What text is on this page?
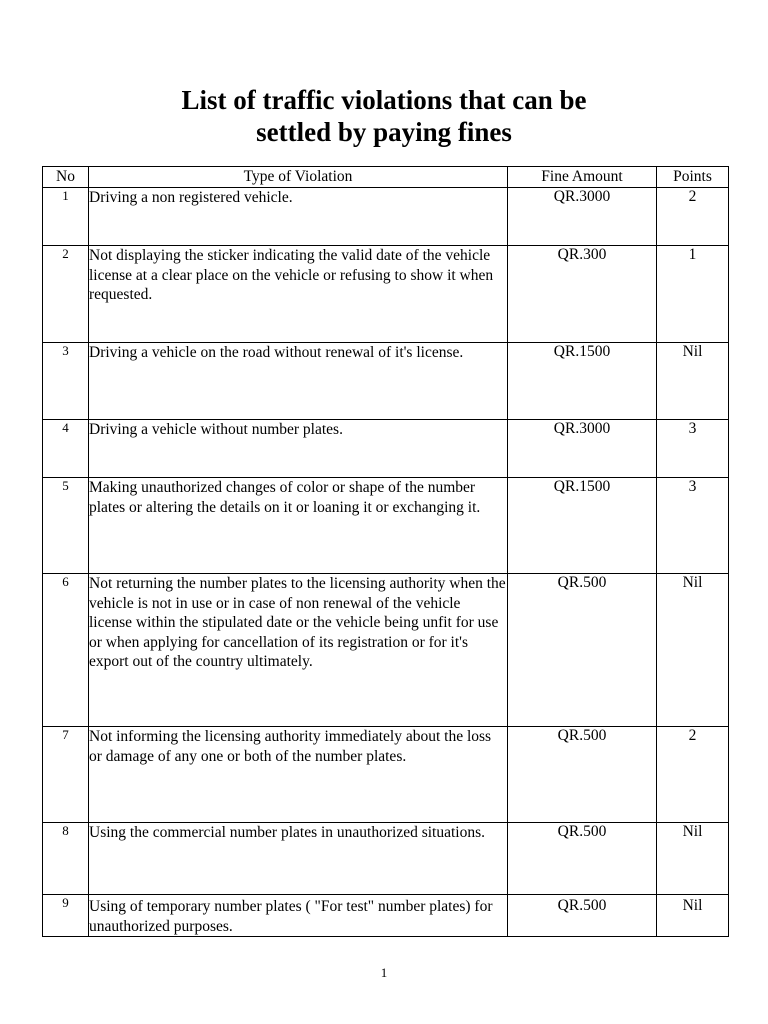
List of traffic violations that can be
settled by paying fines
No	Type of Violation	Fine Amount	Points
1	Driving a non registered vehicle.	QR.3000	2
2	Not displaying the sticker indicating the valid date of the vehicle license at a clear place on the vehicle or refusing to show it when requested.	QR.300	1
3	Driving a vehicle on the road without renewal of it's license.	QR.1500	Nil
4	Driving a vehicle without number plates.	QR.3000	3
5	Making unauthorized changes of color or shape of the number plates or altering the details on it or loaning it or exchanging it.	QR.1500	3
6	Not returning the number plates to the licensing authority when the vehicle is not in use or in case of non renewal of the vehicle license within the stipulated date or the vehicle being unfit for use or when applying for cancellation of its registration or for it's export out of the country ultimately.	QR.500	Nil
7	Not informing the licensing authority immediately about the loss or damage of any one or both of the number plates.	QR.500	2
8	Using the commercial number plates in unauthorized situations.	QR.500	Nil
9	Using of temporary number plates ( "For test" number plates) for unauthorized purposes.	QR.500	Nil
1
